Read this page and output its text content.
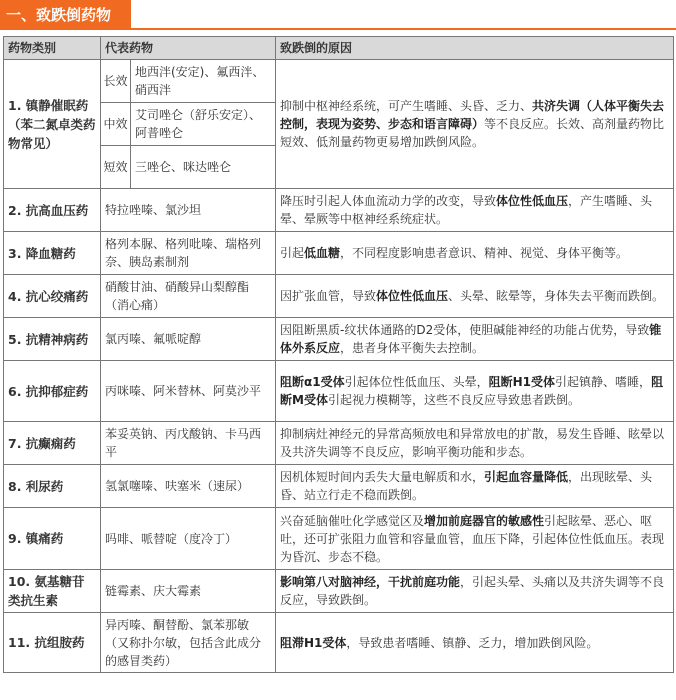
一、致跌倒药物
药物类别	代表药物		致跌倒的原因
1. 镇静催眠药（苯二氮卓类药物常见）	长效	地西泮(安定)、氟西泮、硝西泮	抑制中枢神经系统，可产生嗜睡、头昏、乏力、共济失调（人体平衡失去控制，表现为姿势、步态和语言障碍）等不良反应。长效、高剂量药物比短效、低剂量药物更易增加跌倒风险。
	中效	艾司唑仑（舒乐安定）、阿普唑仑	
	短效	三唑仑、咪达唑仑	
2. 抗高血压药	特拉唑嗪、氯沙坦		降压时引起人体血流动力学的改变，导致体位性低血压，产生嗜睡、头晕、晕厥等中枢神经系统症状。
3. 降血糖药	格列本脲、格列吡嗪、瑞格列奈、胰岛素制剂		引起低血糖，不同程度影响患者意识、精神、视觉、身体平衡等。
4. 抗心绞痛药	硝酸甘油、硝酸异山梨醇酯（消心痛）		因扩张血管，导致体位性低血压、头晕、眩晕等，身体失去平衡而跌倒。
5. 抗精神病药	氯丙嗪、氟哌啶醇		因阻断黑质-纹状体通路的D2受体，使胆碱能神经的功能占优势，导致锥体外系反应，患者身体平衡失去控制。
6. 抗抑郁症药	丙咪嗪、阿米替林、阿莫沙平		阻断α1受体引起体位性低血压、头晕，阻断H1受体引起镇静、嗜睡，阻断M受体引起视力模糊等，这些不良反应导致患者跌倒。
7. 抗癫痫药	苯妥英钠、丙戊酸钠、卡马西平		抑制病灶神经元的异常高频放电和异常放电的扩散，易发生昏睡、眩晕以及共济失调等不良反应，影响平衡功能和步态。
8. 利尿药	氢氯噻嗪、呋塞米（速尿）		因机体短时间内丢失大量电解质和水，引起血容量降低，出现眩晕、头昏、站立行走不稳而跌倒。
9. 镇痛药	吗啡、哌替啶（度冷丁）		兴奋延脑催吐化学感觉区及增加前庭器官的敏感性引起眩晕、恶心、呕吐，还可扩张阻力血管和容量血管，血压下降，引起体位性低血压。表现为昏沉、步态不稳。
10. 氨基糖苷类抗生素	链霉素、庆大霉素		影响第八对脑神经，干扰前庭功能，引起头晕、头痛以及共济失调等不良反应，导致跌倒。
11. 抗组胺药	异丙嗪、酮替酚、氯苯那敏（又称扑尔敏，包括含此成分的感冒类药）		阻滞H1受体，导致患者嗜睡、镇静、乏力，增加跌倒风险。
